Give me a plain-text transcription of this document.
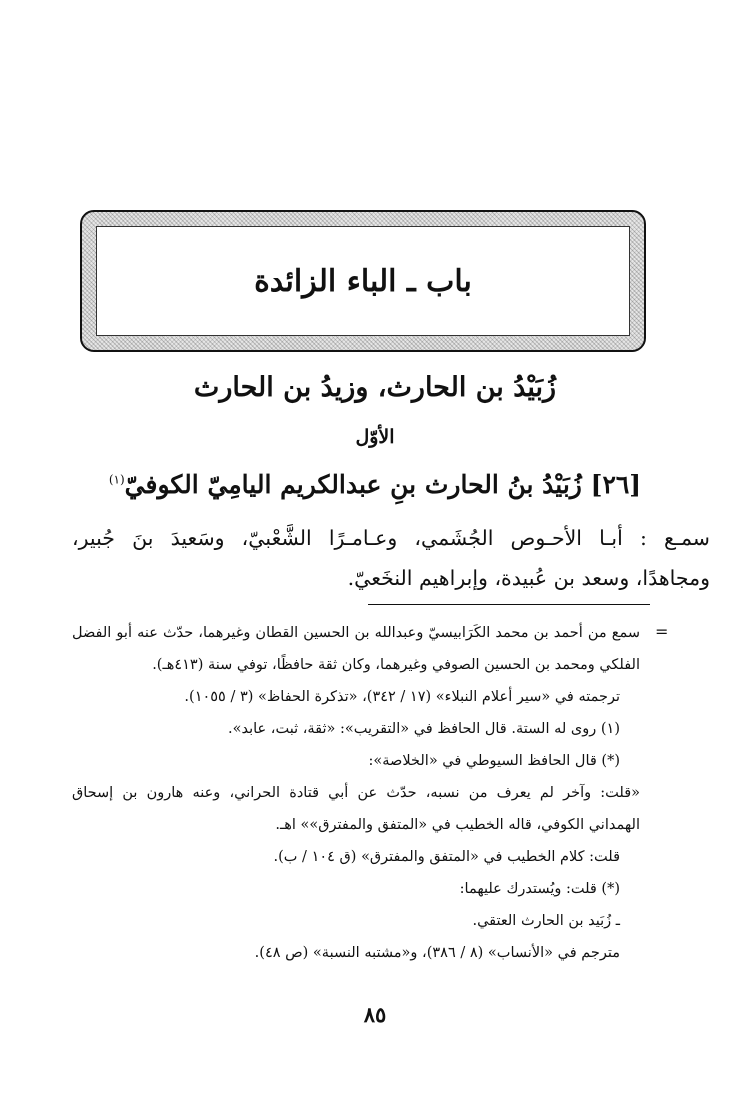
باب ـ الباء الزائدة
زُبَيْدُ بن الحارث، وزيدُ بن الحارث
الأوّل
[٢٦] زُبَيْدُ بنُ الحارث بنِ عبدالكريم اليامِيّ الكوفيّ$^{(١)}$
سمـع : أبـا الأحـوص الجُشَمي، وعـامـرًا الشَّعْبيّ، وسَعيدَ بنَ جُبير،
ومجاهدًا، وسعد بن عُبيدة، وإبراهيم النخَعيّ.
=
سمع من أحمد بن محمد الكَرَابيسيّ وعبدالله بن الحسين القطان وغيرهما، حدّث عنه أبو الفضل
الفلكي ومحمد بن الحسين الصوفي وغيرهما، وكان ثقة حافظًا، توفي سنة (٤١٣هـ).
ترجمته في «سير أعلام النبلاء» (١٧ / ٣٤٢)، «تذكرة الحفاظ» (٣ / ١٠٥٥).
(١) روى له الستة. قال الحافظ في «التقريب»: «ثقة، ثبت، عابد».
(*) قال الحافظ السيوطي في «الخلاصة»:
«قلت: وآخر لم يعرف من نسبه، حدّث عن أبي قتادة الحراني، وعنه هارون بن إسحاق
الهمداني الكوفي، قاله الخطيب في «المتفق والمفترق»» اهـ.
قلت: كلام الخطيب في «المتفق والمفترق» (ق ١٠٤ / ب).
(*) قلت: ويُستدرك عليهما:
ـ زُبَيد بن الحارث العتقي.
مترجم في «الأنساب» (٨ / ٣٨٦)، و«مشتبه النسبة» (ص ٤٨).
٨٥
